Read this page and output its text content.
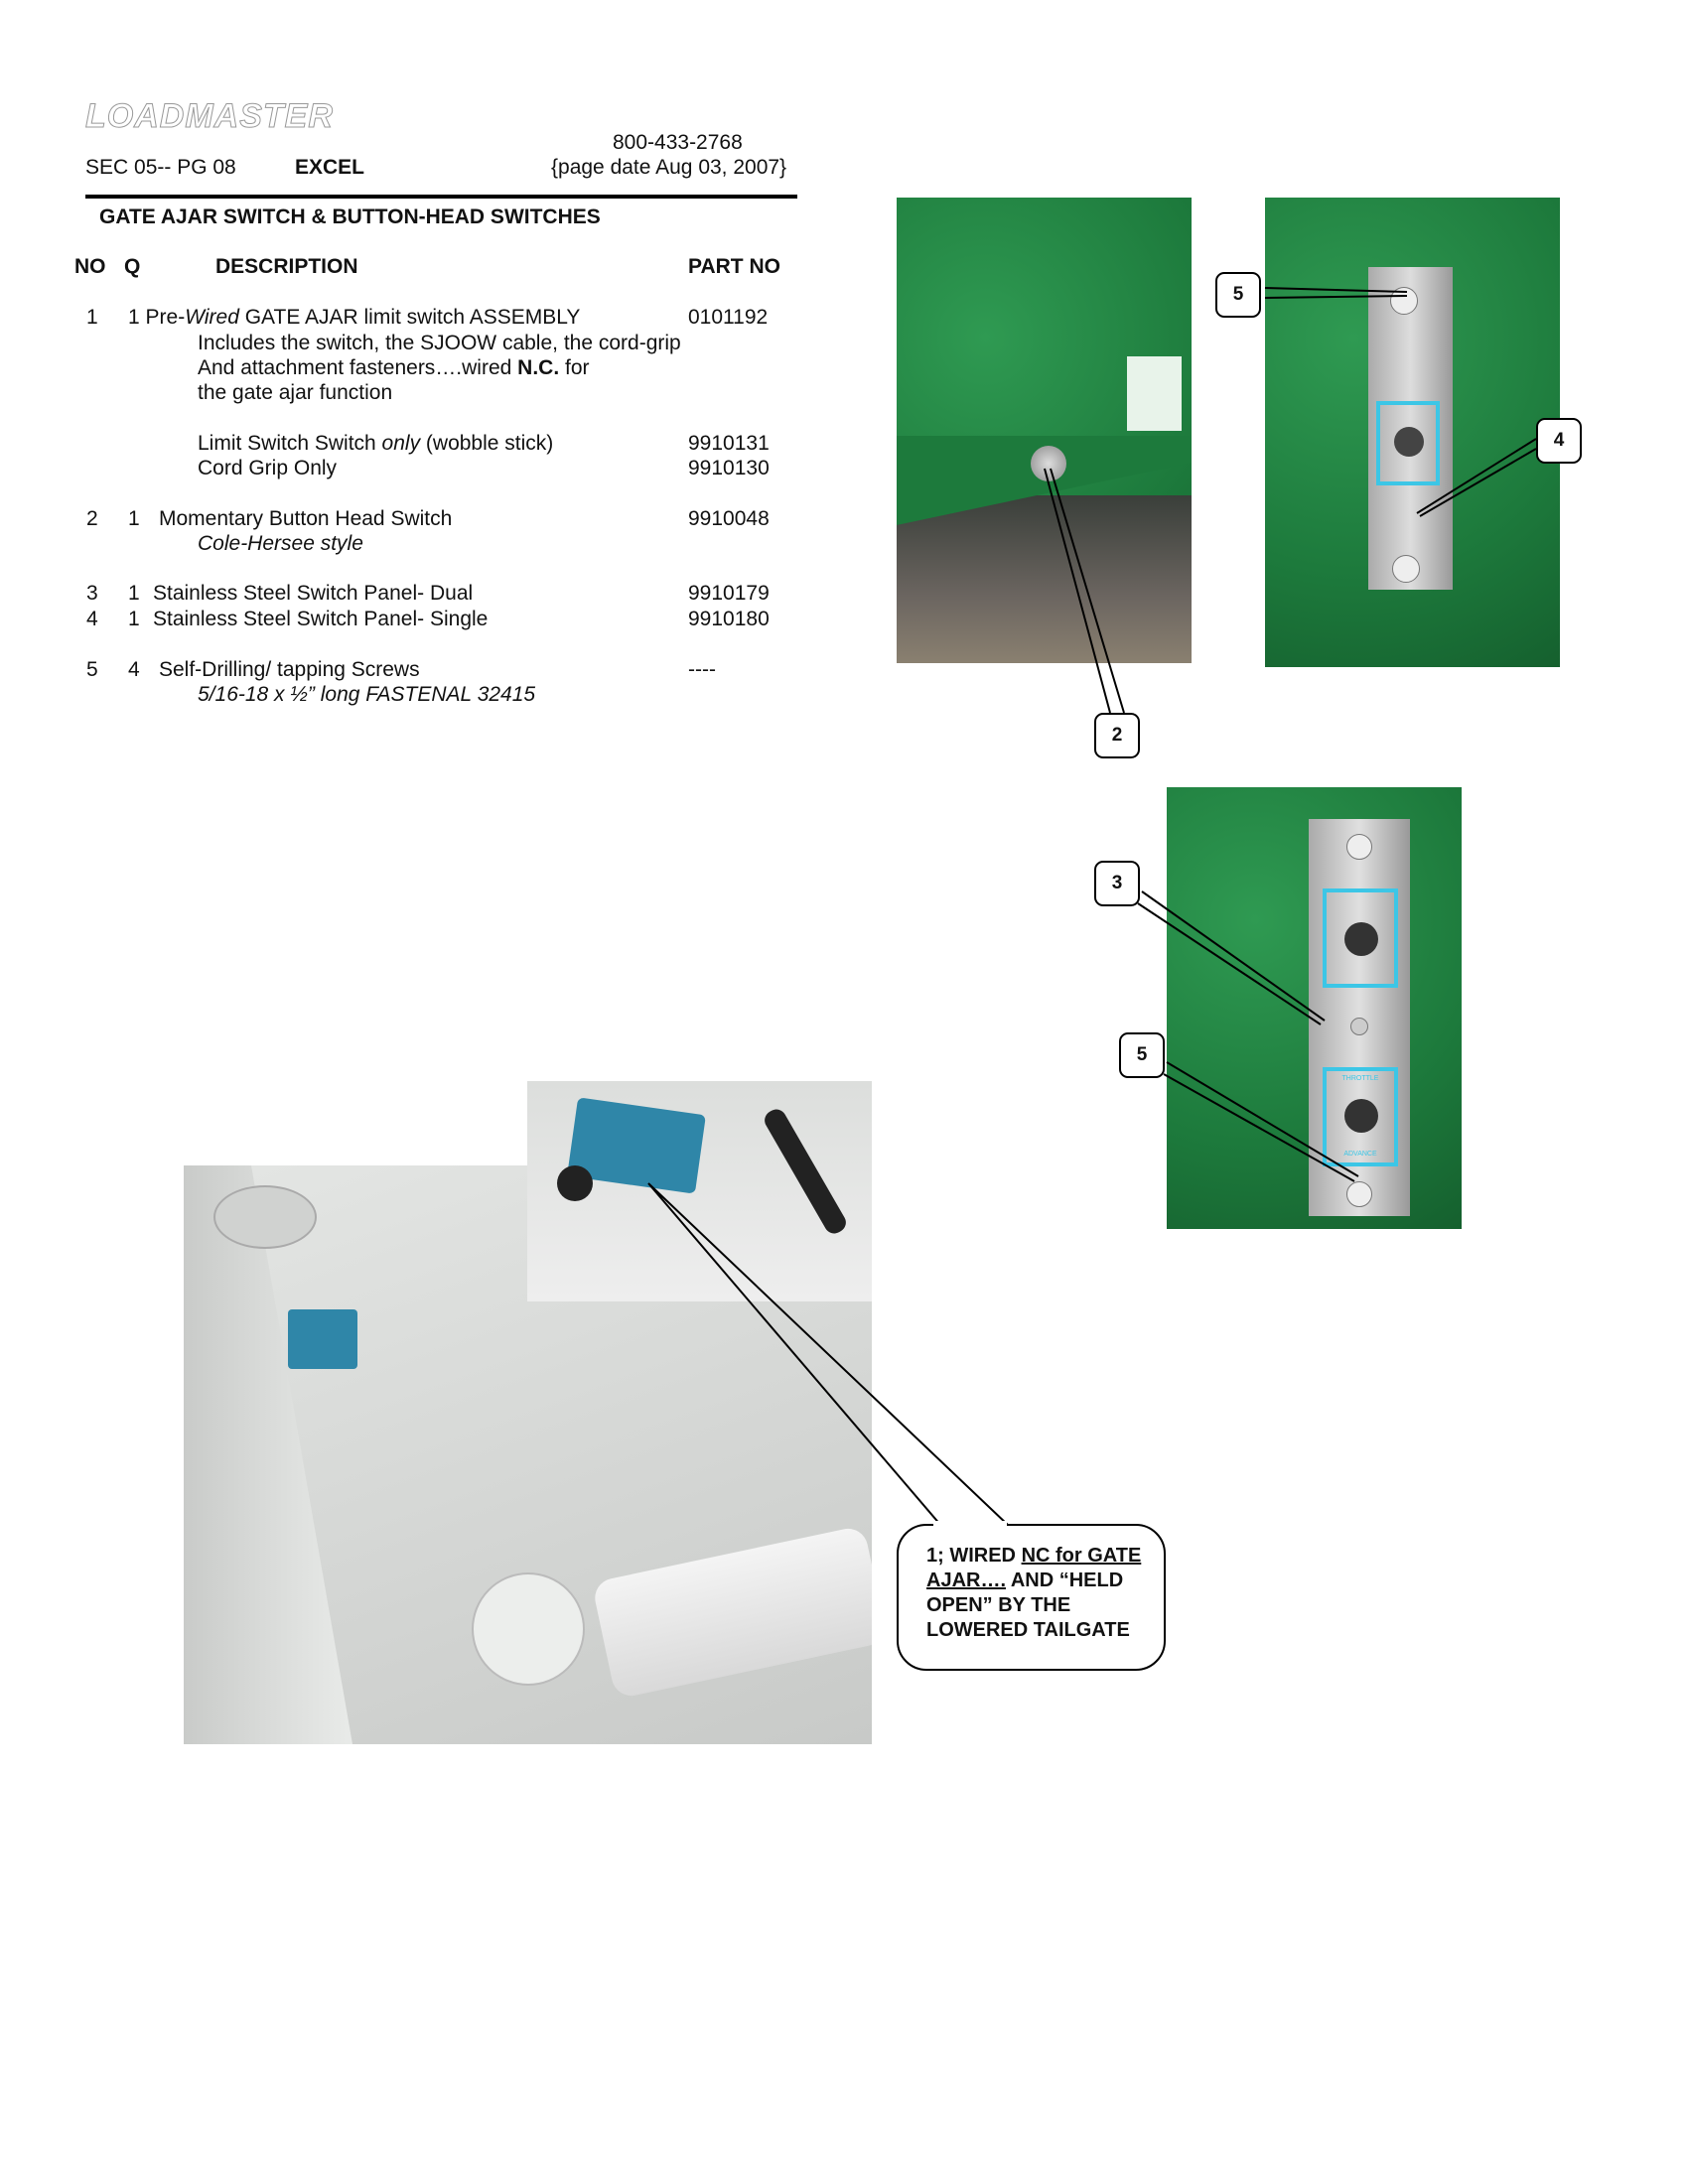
LOADMASTER
800-433-2768
SEC 05-- PG 08	EXCEL	{page date Aug 03, 2007}
GATE AJAR SWITCH & BUTTON-HEAD SWITCHES
NO Q	DESCRIPTION	PART NO
1 1 Pre-Wired GATE AJAR limit switch ASSEMBLY	0101192
Includes the switch, the SJOOW cable, the cord-grip
And attachment fasteners….wired N.C. for
the gate ajar function
Limit Switch Switch only (wobble stick)	9910131
Cord Grip Only	9910130
2 1 Momentary Button Head Switch	9910048
Cole-Hersee style
3 1 Stainless Steel Switch Panel- Dual	9910179
4 1 Stainless Steel Switch Panel- Single	9910180
5 4 Self-Drilling/ tapping Screws	----
5/16-18 x ½” long FASTENAL 32415
THROTTLE
ADVANCE
5
4
2
3
5
1; WIRED NC for GATE
AJAR…. AND “HELD
OPEN” BY THE
LOWERED TAILGATE
